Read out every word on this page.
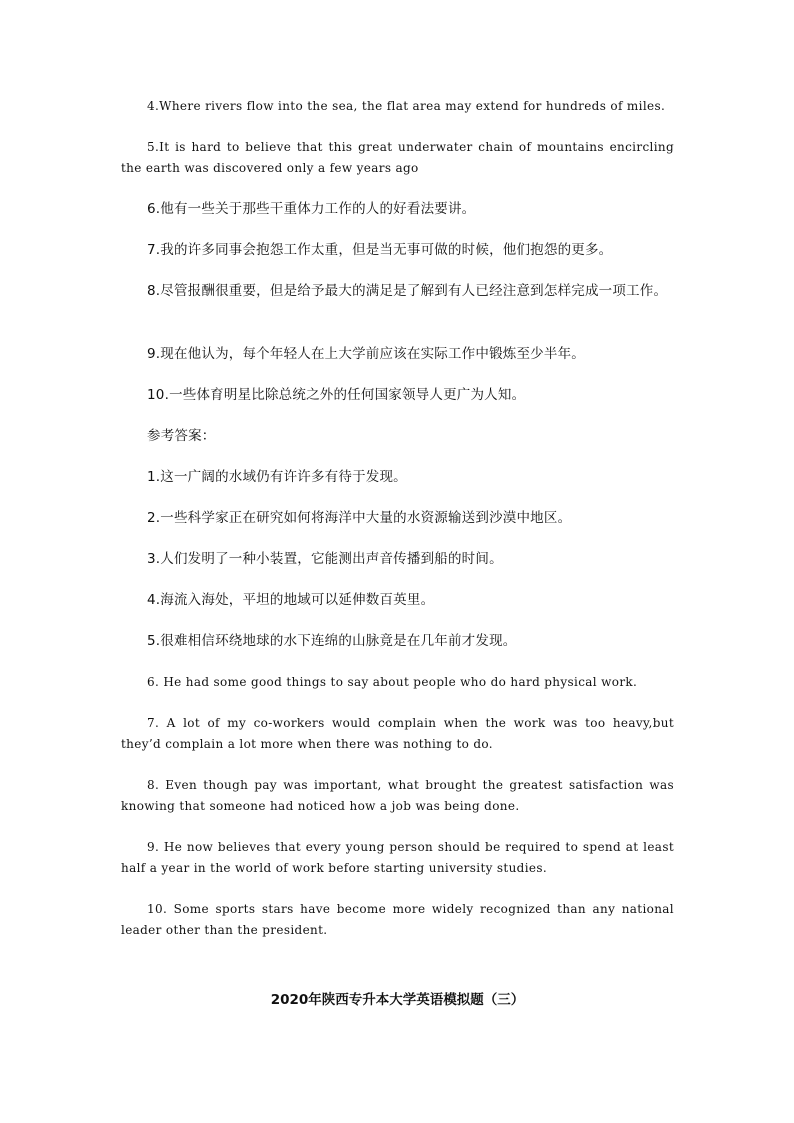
4.Where rivers flow into the sea, the flat area may extend for hundreds of miles.

5.It is hard to believe that this great underwater chain of mountains encircling the earth was discovered only a few years ago

6.他有一些关于那些干重体力工作的人的好看法要讲。

7.我的许多同事会抱怨工作太重，但是当无事可做的时候，他们抱怨的更多。

8.尽管报酬很重要，但是给予最大的满足是了解到有人已经注意到怎样完成一项工作。

9.现在他认为，每个年轻人在上大学前应该在实际工作中锻炼至少半年。

10.一些体育明星比除总统之外的任何国家领导人更广为人知。

参考答案：

1.这一广阔的水域仍有许许多有待于发现。

2.一些科学家正在研究如何将海洋中大量的水资源输送到沙漠中地区。

3.人们发明了一种小装置，它能测出声音传播到船的时间。

4.海流入海处，平坦的地域可以延伸数百英里。

5.很难相信环绕地球的水下连绵的山脉竟是在几年前才发现。

6. He had some good things to say about people who do hard physical work.

7. A lot of my co-workers would complain when the work was too heavy,but they’d complain a lot more when there was nothing to do.

8. Even though pay was important, what brought the greatest satisfaction was knowing that someone had noticed how a job was being done.

9. He now believes that every young person should be required to spend at least half a year in the world of work before starting university studies.

10. Some sports stars have become more widely recognized than any national leader other than the president.

2020年陕西专升本大学英语模拟题（三）
